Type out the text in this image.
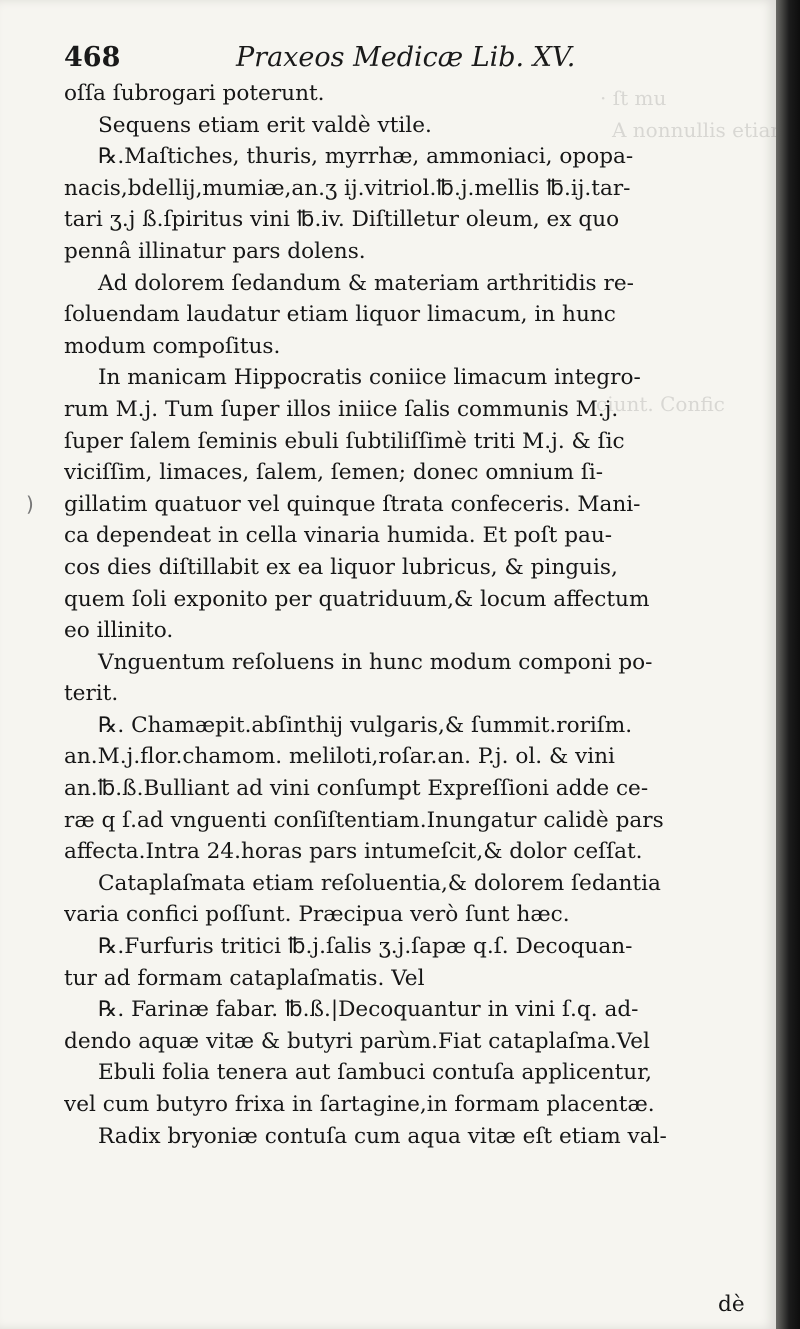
· ſt mu
A nonnullis etiam
ciunt. Confic
)
468	Praxeos Medicæ Lib. XV.
oſſa ſubrogari poterunt.
Sequens etiam erit valdè vtile.
℞.Maſtiches, thuris, myrrhæ, ammoniaci, opopa-
nacis,bdellij,mumiæ,an.ʒ ij.vitriol.℔.j.mellis ℔.ij.tar-
tari ʒ.j ß.ſpiritus vini ℔.iv. Diſtilletur oleum, ex quo
pennâ illinatur pars dolens.
Ad dolorem ſedandum & materiam arthritidis re-
ſoluendam laudatur etiam liquor limacum, in hunc
modum compoſitus.
In manicam Hippocratis coniice limacum integro-
rum M.j. Tum ſuper illos iniice ſalis communis M.j.
ſuper ſalem ſeminis ebuli ſubtiliſſimè triti M.j. & ſic
viciſſim, limaces, ſalem, ſemen; donec omnium ſi-
gillatim quatuor vel quinque ſtrata confeceris. Mani-
ca dependeat in cella vinaria humida. Et poſt pau-
cos dies diſtillabit ex ea liquor lubricus, & pinguis,
quem ſoli exponito per quatriduum,& locum affectum
eo illinito.
Vnguentum reſoluens in hunc modum componi po-
terit.
℞. Chamæpit.abſinthij vulgaris,& ſummit.roriſm.
an.M.j.flor.chamom. meliloti,roſar.an. P.j. ol. & vini
an.℔.ß.Bulliant ad vini conſumpt Expreſſioni adde ce-
ræ q ſ.ad vnguenti conſiſtentiam.Inungatur calidè pars
affecta.Intra 24.horas pars intumeſcit,& dolor ceſſat.
Cataplaſmata etiam reſoluentia,& dolorem ſedantia
varia confici poſſunt. Præcipua verò ſunt hæc.
℞.Furfuris tritici ℔.j.ſalis ʒ.j.ſapæ q.ſ. Decoquan-
tur ad formam cataplaſmatis. Vel
℞. Farinæ fabar. ℔.ß.|Decoquantur in vini ſ.q. ad-
dendo aquæ vitæ & butyri parùm.Fiat cataplaſma.Vel
Ebuli folia tenera aut ſambuci contuſa applicentur,
vel cum butyro frixa in ſartagine,in formam placentæ.
Radix bryoniæ contuſa cum aqua vitæ eſt etiam val-
dè
